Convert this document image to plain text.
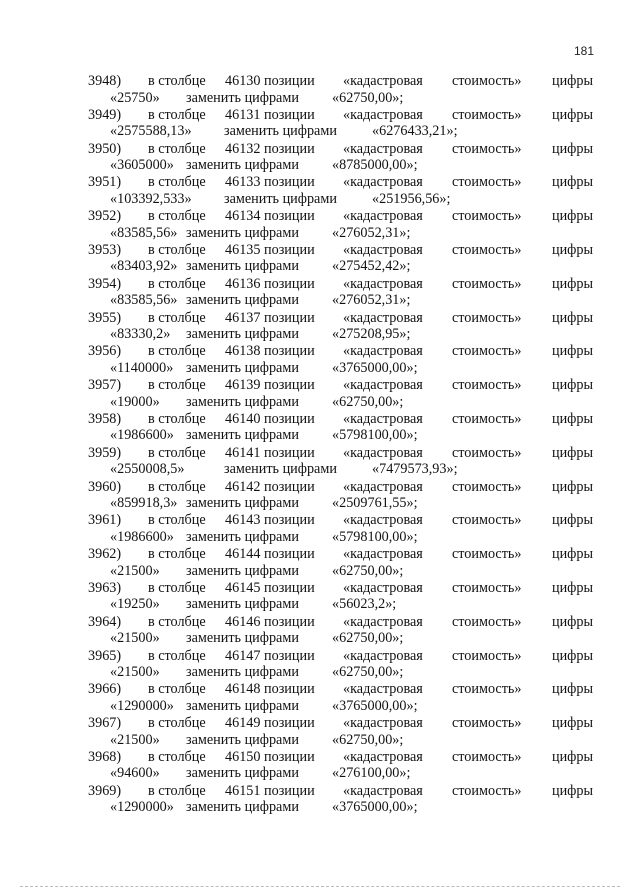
181
3948) в столбце 46130 позиции «кадастровая стоимость» цифры
«25750» заменить цифрами «62750,00»;
3949) в столбце 46131 позиции «кадастровая стоимость» цифры
«2575588,13» заменить цифрами «6276433,21»;
3950) в столбце 46132 позиции «кадастровая стоимость» цифры
«3605000» заменить цифрами «8785000,00»;
3951) в столбце 46133 позиции «кадастровая стоимость» цифры
«103392,533» заменить цифрами «251956,56»;
3952) в столбце 46134 позиции «кадастровая стоимость» цифры
«83585,56» заменить цифрами «276052,31»;
3953) в столбце 46135 позиции «кадастровая стоимость» цифры
«83403,92» заменить цифрами «275452,42»;
3954) в столбце 46136 позиции «кадастровая стоимость» цифры
«83585,56» заменить цифрами «276052,31»;
3955) в столбце 46137 позиции «кадастровая стоимость» цифры
«83330,2» заменить цифрами «275208,95»;
3956) в столбце 46138 позиции «кадастровая стоимость» цифры
«1140000» заменить цифрами «3765000,00»;
3957) в столбце 46139 позиции «кадастровая стоимость» цифры
«19000» заменить цифрами «62750,00»;
3958) в столбце 46140 позиции «кадастровая стоимость» цифры
«1986600» заменить цифрами «5798100,00»;
3959) в столбце 46141 позиции «кадастровая стоимость» цифры
«2550008,5»	заменить цифрами «7479573,93»;
3960) в столбце 46142 позиции «кадастровая стоимость» цифры
«859918,3» заменить цифрами «2509761,55»;
3961) в столбце 46143 позиции «кадастровая стоимость» цифры
«1986600» заменить цифрами «5798100,00»;
3962) в столбце 46144 позиции «кадастровая стоимость» цифры
«21500» заменить цифрами «62750,00»;
3963) в столбце 46145 позиции «кадастровая стоимость» цифры
«19250» заменить цифрами «56023,2»;
3964) в столбце 46146 позиции «кадастровая стоимость» цифры
«21500» заменить цифрами «62750,00»;
3965) в столбце 46147 позиции «кадастровая стоимость» цифры
«21500» заменить цифрами «62750,00»;
3966) в столбце 46148 позиции «кадастровая стоимость» цифры
«1290000» заменить цифрами «3765000,00»;
3967) в столбце 46149 позиции «кадастровая стоимость» цифры
«21500» заменить цифрами «62750,00»;
3968) в столбце 46150 позиции «кадастровая стоимость» цифры
«94600» заменить цифрами «276100,00»;
3969) в столбце 46151 позиции «кадастровая стоимость» цифры
«1290000» заменить цифрами «3765000,00»;
